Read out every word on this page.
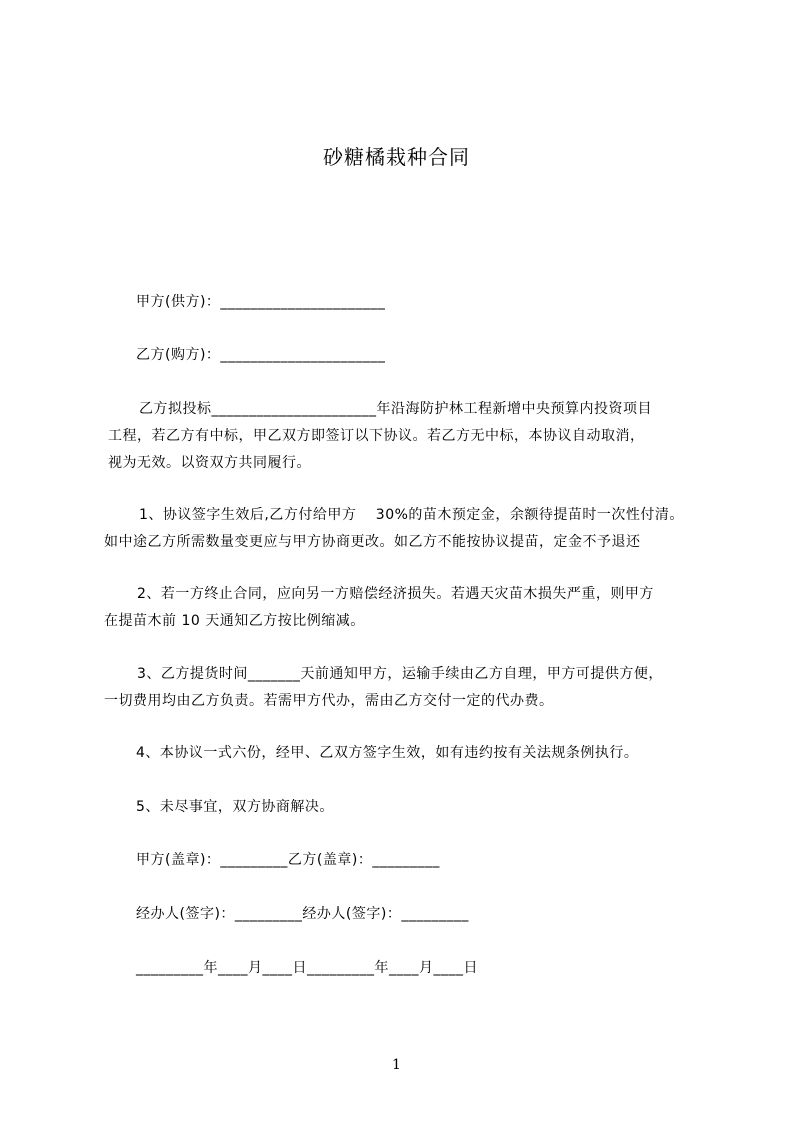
砂糖橘栽种合同
甲方(供方)：______________________
乙方(购方)：______________________
乙方拟投标______________________年沿海防护林工程新增中央预算内投资项目
工程，若乙方有中标，甲乙双方即签订以下协议。若乙方无中标，本协议自动取消，
视为无效。以资双方共同履行。
1、协议签字生效后,乙方付给甲方　 30%的苗木预定金，余额待提苗时一次性付清。
如中途乙方所需数量变更应与甲方协商更改。如乙方不能按协议提苗，定金不予退还
2、若一方终止合同，应向另一方赔偿经济损失。若遇天灾苗木损失严重，则甲方
在提苗木前 10 天通知乙方按比例缩减。
3、乙方提货时间_______天前通知甲方，运输手续由乙方自理，甲方可提供方便，
一切费用均由乙方负责。若需甲方代办，需由乙方交付一定的代办费。
4、本协议一式六份，经甲、乙双方签字生效，如有违约按有关法规条例执行。
5、未尽事宜，双方协商解决。
甲方(盖章)：_________乙方(盖章)：_________
经办人(签字)：_________经办人(签字)：_________
_________年____月____日_________年____月____日
1
